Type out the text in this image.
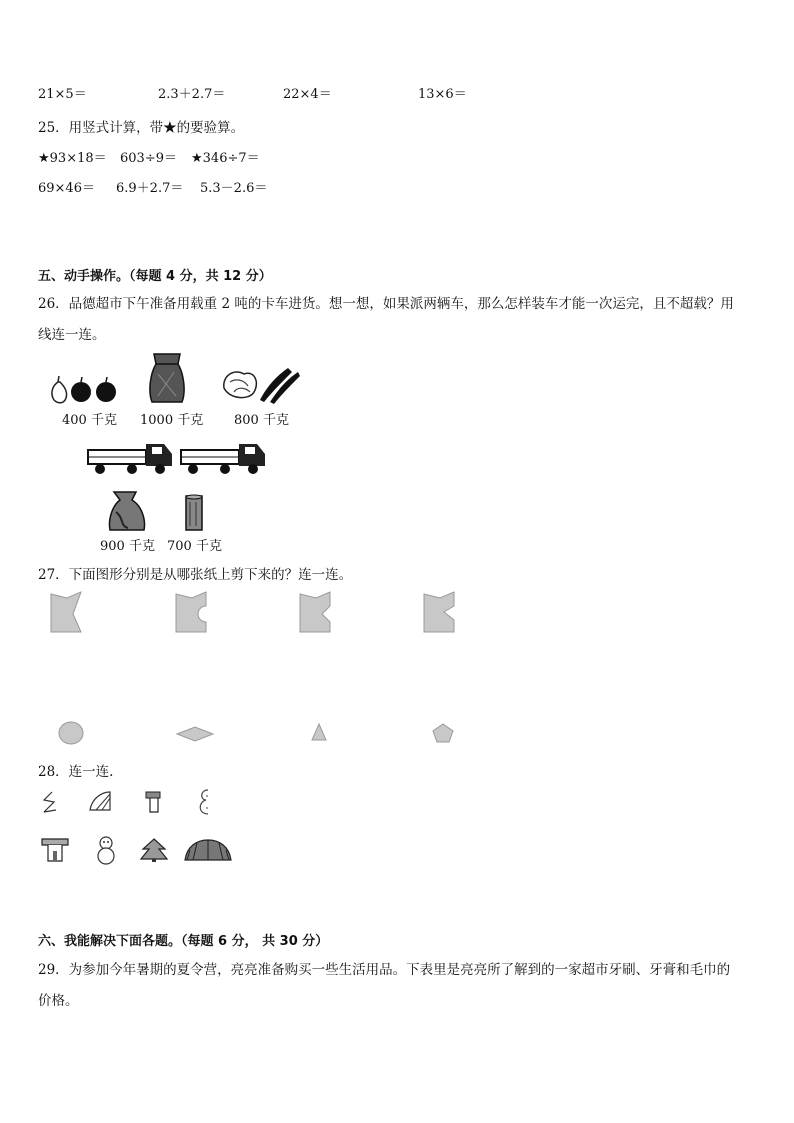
21×5＝	2.3＋2.7＝	22×4＝	13×6＝
25．用竖式计算，带★的要验算。
★93×18＝ 603÷9＝ ★346÷7＝
69×46＝ 6.9＋2.7＝ 5.3－2.6＝
五、动手操作。（每题 4 分，共 12 分）
26．品德超市下午准备用载重 2 吨的卡车进货。想一想，如果派两辆车，那么怎样装车才能一次运完，且不超载？用
线连一连。
400 千克 1000 千克 800 千克
900 千克 700 千克
27．下面图形分别是从哪张纸上剪下来的？连一连。
28．连一连.
六、我能解决下面各题。（每题 6 分， 共 30 分）
29．为参加今年暑期的夏令营，亮亮准备购买一些生活用品。下表里是亮亮所了解到的一家超市牙刷、牙膏和毛巾的
价格。
